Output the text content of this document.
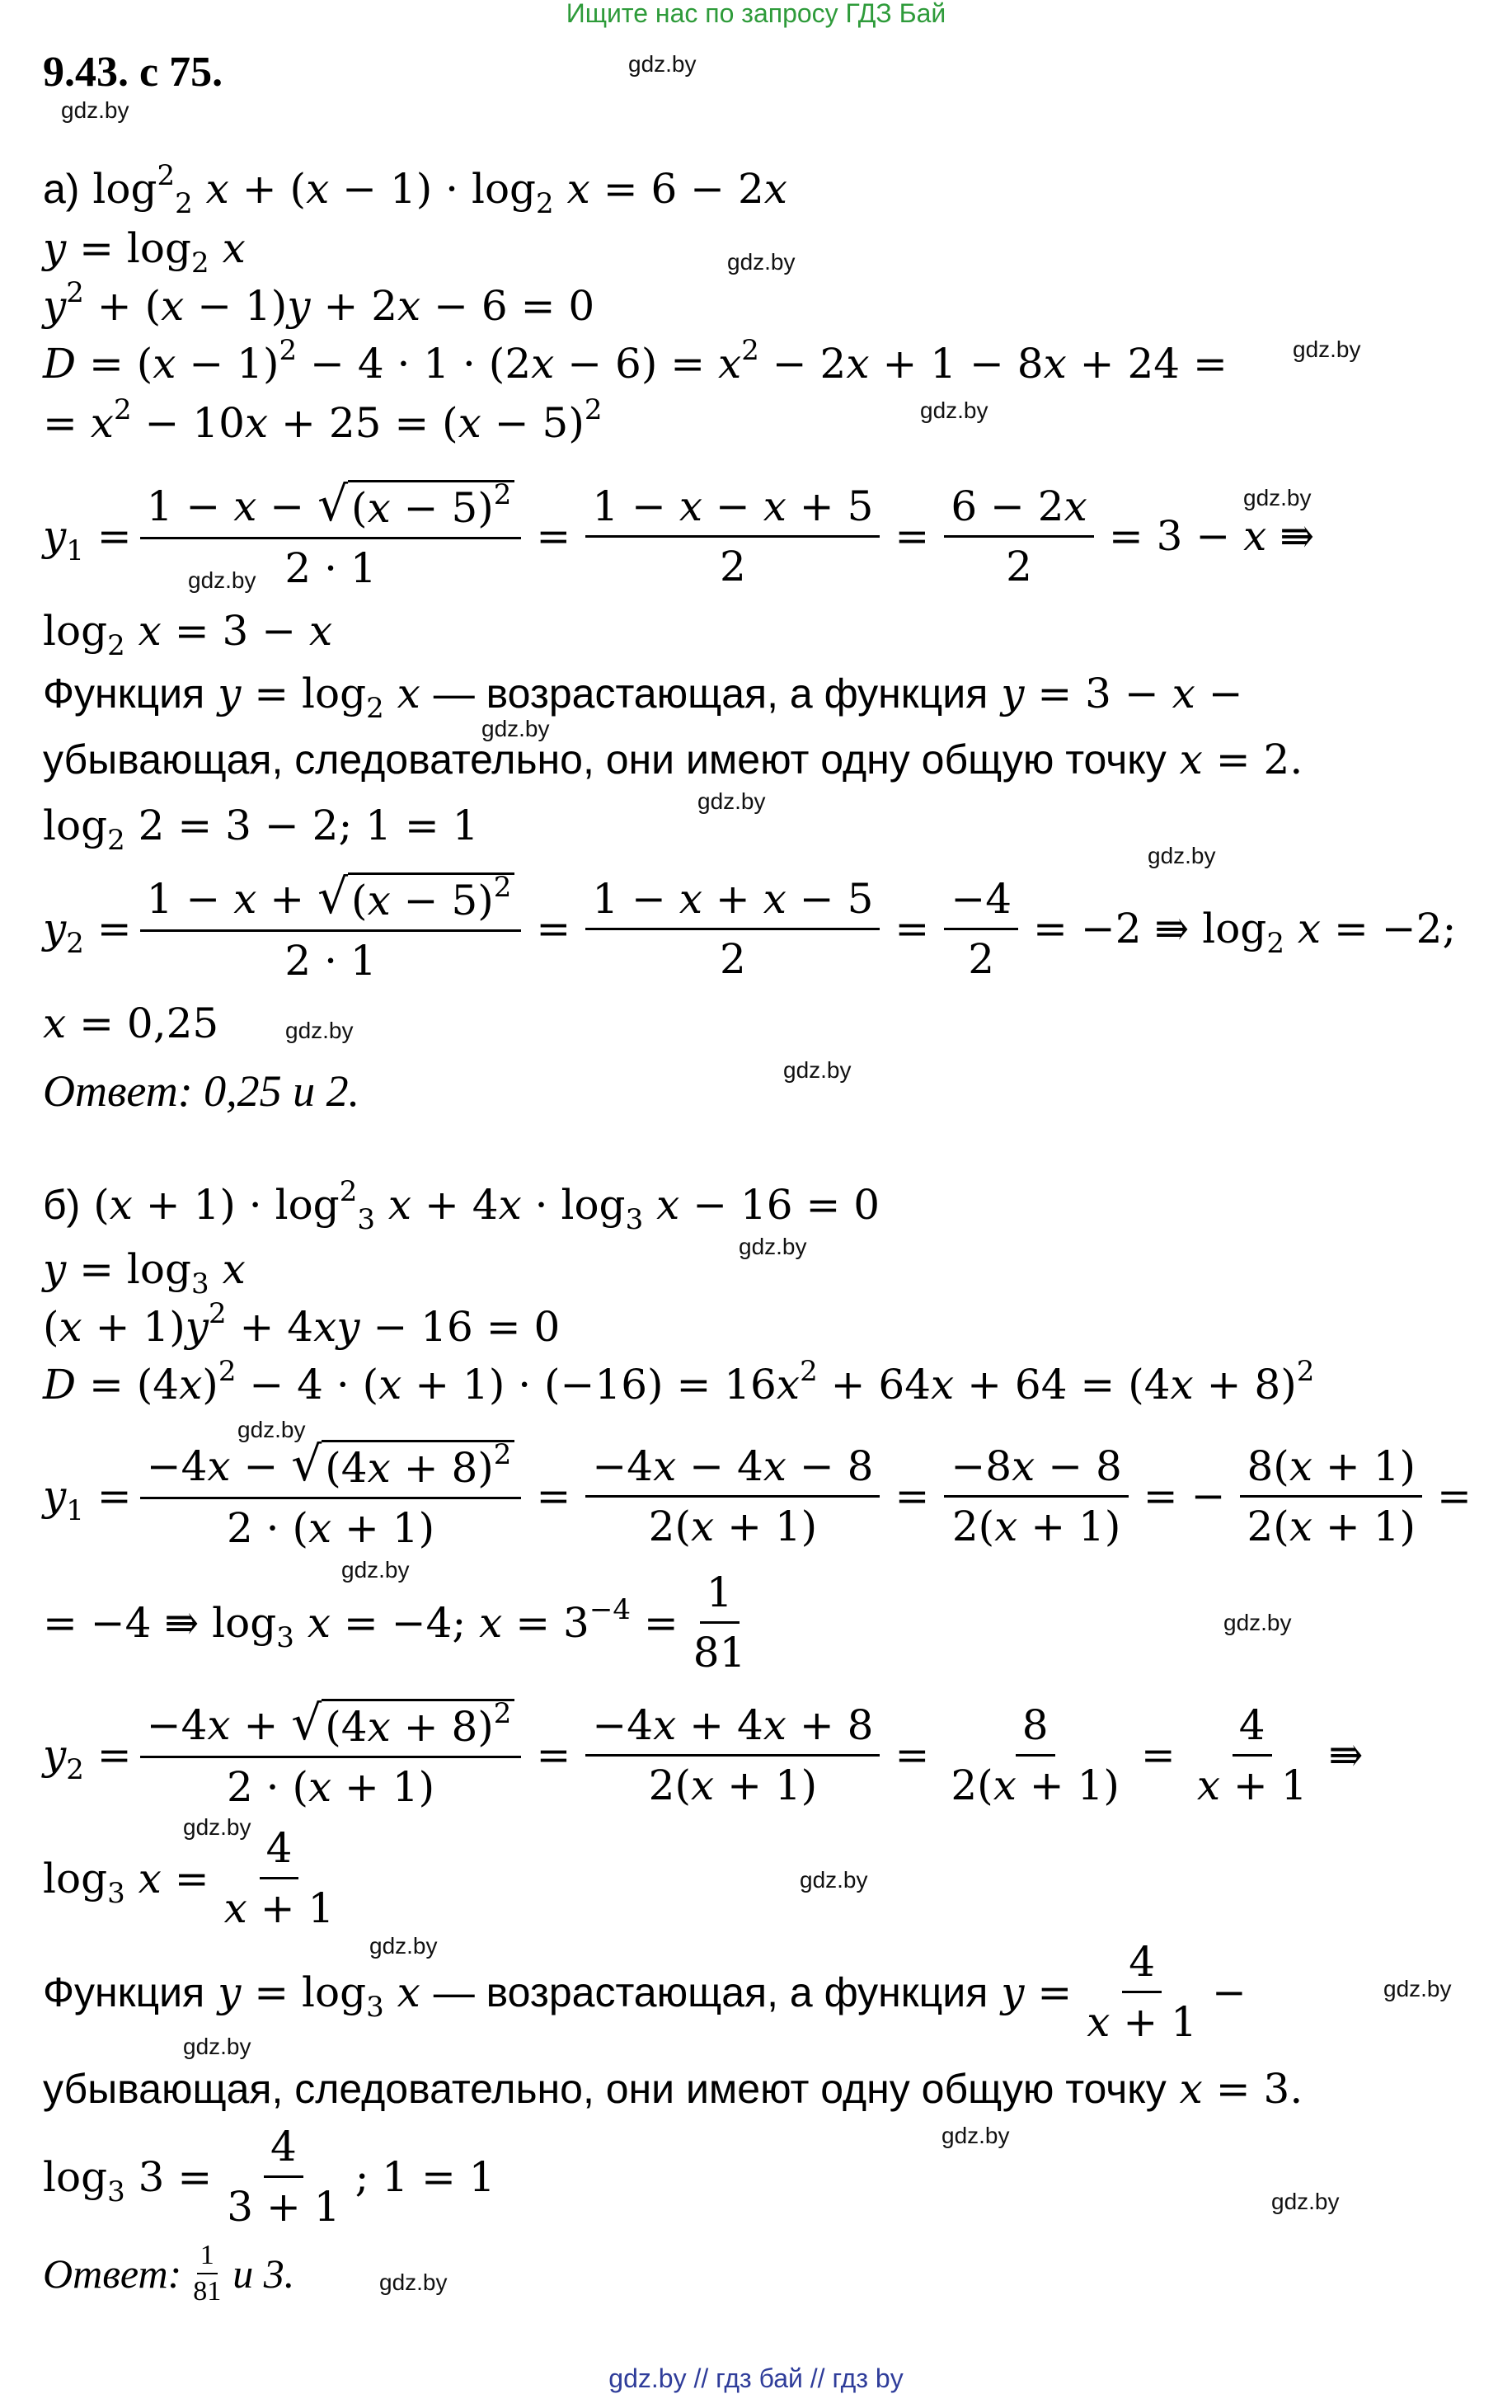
Ищите нас по запросу ГДЗ Бай
9.43. с 75.	gdz.by
gdz.by
gdz.by
gdz.by
gdz.by
gdz.by
gdz.by
gdz.by
gdz.by
gdz.by
gdz.by
gdz.by
gdz.by
gdz.by
gdz.by
gdz.by
gdz.by
gdz.by
gdz.by
gdz.by
gdz.by
gdz.by
gdz.by
gdz.by
а) $\log^2_2 x + (x - 1) \cdot \log_2 x = 6 - 2x$
$y = \log_2 x$
$y^2 + (x - 1)y + 2x - 6 = 0$
$D = (x - 1)^2 - 4 \cdot 1 \cdot (2x - 6) = x^2 - 2x + 1 - 8x + 24$ =
= $x^2 - 10x + 25 = (x - 5)^2$
$y_1 = \frac{1 - x - √ (x - 5)^2}{2 \cdot 1} = \frac{1 - x - x + 5}{2} = \frac{6 - 2x}{2} = 3 - x$ ⇛
$\log_2 x = 3 - x$
Функция $y = \log_2 x$ — возрастающая, а функция y = 3 − x −
убывающая, следовательно, они имеют одну общую точку x = 2.
$\log_2 2 = 3 - 2$; 1 = 1
$y_2 = \frac{1 - x + √ (x - 5)^2}{2 \cdot 1} = \frac{1 - x + x - 5}{2} = \frac{-4}{2} = -2$ ⇛ $\log_2 x = -2$;
x = 0,25
Ответ: 0,25 и 2.
б) $(x + 1) \cdot \log^2_3 x + 4x \cdot \log_3 x - 16 = 0$
$y = \log_3 x$
$(x + 1)y^2 + 4xy - 16 = 0$
$D = (4x)^2 - 4 \cdot (x + 1) \cdot (-16) = 16x^2 + 64x + 64 = (4x + 8)^2$
$y_1 = \frac{-4x - √ (4x + 8)^2}{2 \cdot (x + 1)} = \frac{-4x - 4x - 8}{2(x + 1)} = \frac{-8x - 8}{2(x + 1)}$ = − $\frac{8(x + 1)}{2(x + 1)}$ =
= −4 ⇛ $\log_3 x = -4$; $x = 3^{-4} = \frac{1}{81}$
$y_2 = \frac{-4x + √ (4x + 8)^2}{2 \cdot (x + 1)} = \frac{-4x + 4x + 8}{2(x + 1)} = \frac{8}{2(x + 1)} = \frac{4}{x + 1}$ ⇛
$\log_3 x = \frac{4}{x + 1}$
Функция $y = \log_3 x$ — возрастающая, а функция $y = \frac{4}{x + 1}$ −
убывающая, следовательно, они имеют одну общую точку x = 3.
$\log_3 3 = \frac{4}{3 + 1}$ ; 1 = 1
Ответ: $\frac{1}{81}$ и 3.
gdz.by // гдз бай // гдз by
